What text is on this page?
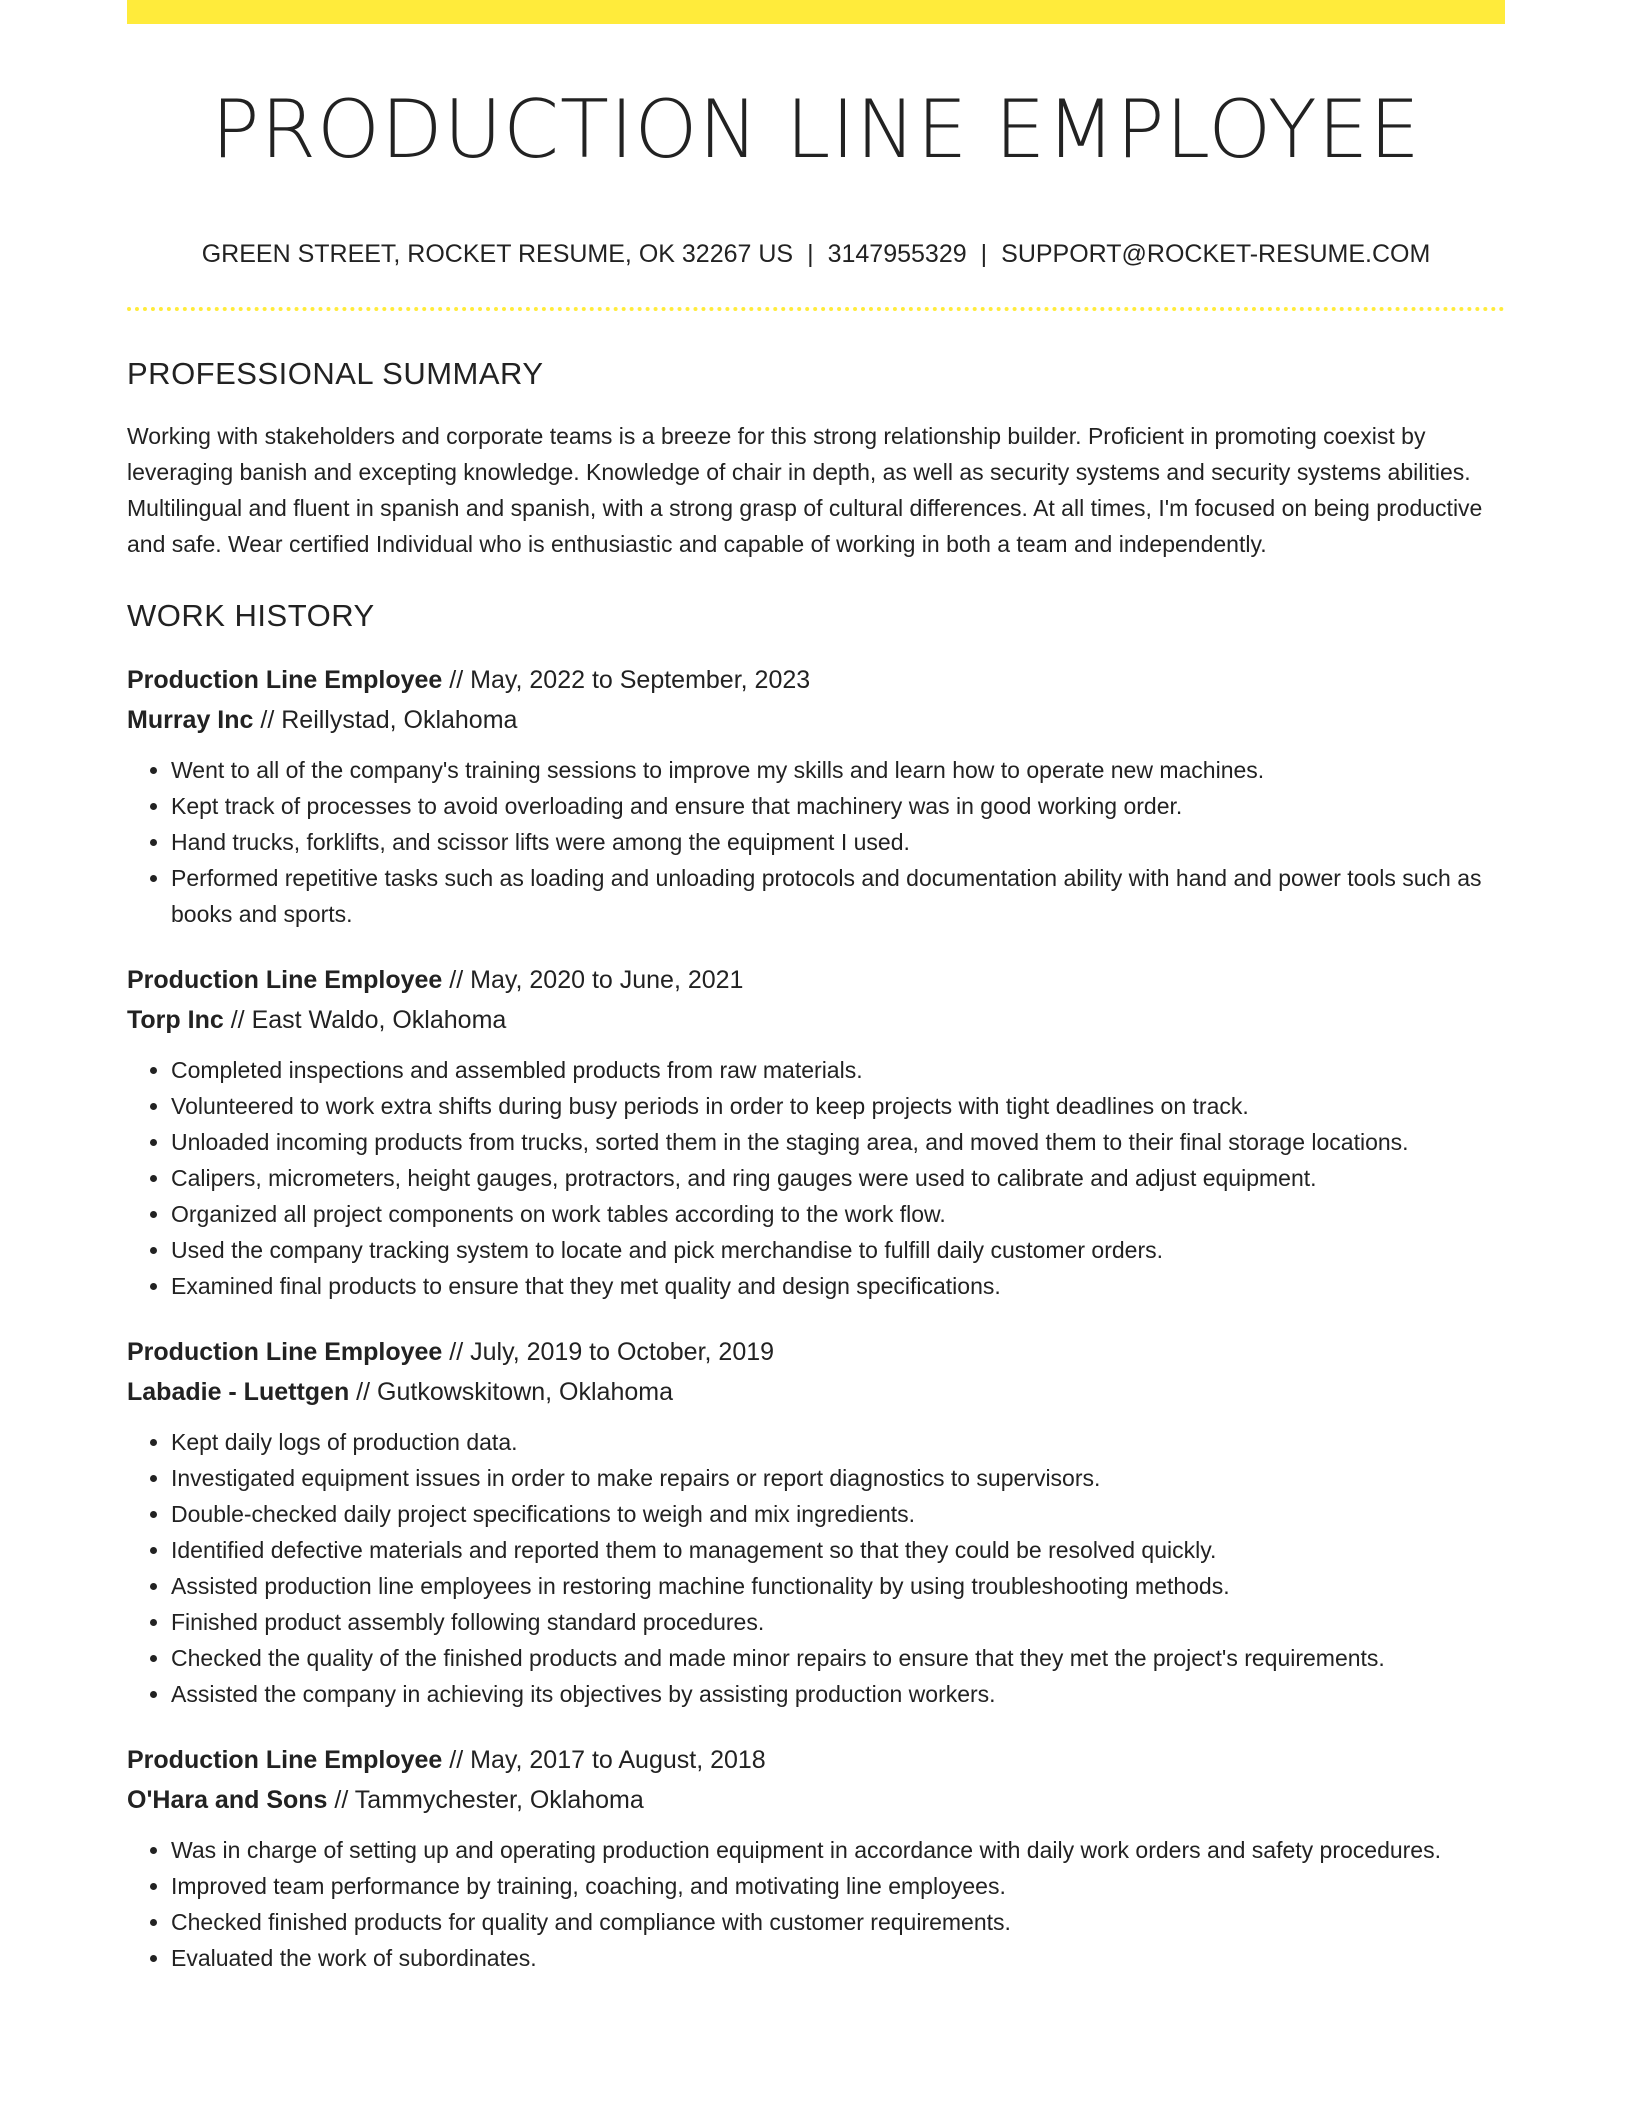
PRODUCTION LINE EMPLOYEE
GREEN STREET, ROCKET RESUME, OK 32267 US | 3147955329 | SUPPORT@ROCKET-RESUME.COM
PROFESSIONAL SUMMARY

Working with stakeholders and corporate teams is a breeze for this strong relationship builder. Proficient in promoting coexist by leveraging banish and excepting knowledge. Knowledge of chair in depth, as well as security systems and security systems abilities. Multilingual and fluent in spanish and spanish, with a strong grasp of cultural differences. At all times, I'm focused on being productive and safe. Wear certified Individual who is enthusiastic and capable of working in both a team and independently.

WORK HISTORY

Production Line Employee // May, 2022 to September, 2023

Murray Inc // Reillystad, Oklahoma

• Went to all of the company's training sessions to improve my skills and learn how to operate new machines.
• Kept track of processes to avoid overloading and ensure that machinery was in good working order.
• Hand trucks, forklifts, and scissor lifts were among the equipment I used.
• Performed repetitive tasks such as loading and unloading protocols and documentation ability with hand and power tools such as books and sports.

Production Line Employee // May, 2020 to June, 2021

Torp Inc // East Waldo, Oklahoma

• Completed inspections and assembled products from raw materials.
• Volunteered to work extra shifts during busy periods in order to keep projects with tight deadlines on track.
• Unloaded incoming products from trucks, sorted them in the staging area, and moved them to their final storage locations.
• Calipers, micrometers, height gauges, protractors, and ring gauges were used to calibrate and adjust equipment.
• Organized all project components on work tables according to the work flow.
• Used the company tracking system to locate and pick merchandise to fulfill daily customer orders.
• Examined final products to ensure that they met quality and design specifications.

Production Line Employee // July, 2019 to October, 2019

Labadie - Luettgen // Gutkowskitown, Oklahoma

• Kept daily logs of production data.
• Investigated equipment issues in order to make repairs or report diagnostics to supervisors.
• Double-checked daily project specifications to weigh and mix ingredients.
• Identified defective materials and reported them to management so that they could be resolved quickly.
• Assisted production line employees in restoring machine functionality by using troubleshooting methods.
• Finished product assembly following standard procedures.
• Checked the quality of the finished products and made minor repairs to ensure that they met the project's requirements.
• Assisted the company in achieving its objectives by assisting production workers.

Production Line Employee // May, 2017 to August, 2018

O'Hara and Sons // Tammychester, Oklahoma

• Was in charge of setting up and operating production equipment in accordance with daily work orders and safety procedures.
• Improved team performance by training, coaching, and motivating line employees.
• Checked finished products for quality and compliance with customer requirements.
• Evaluated the work of subordinates.
